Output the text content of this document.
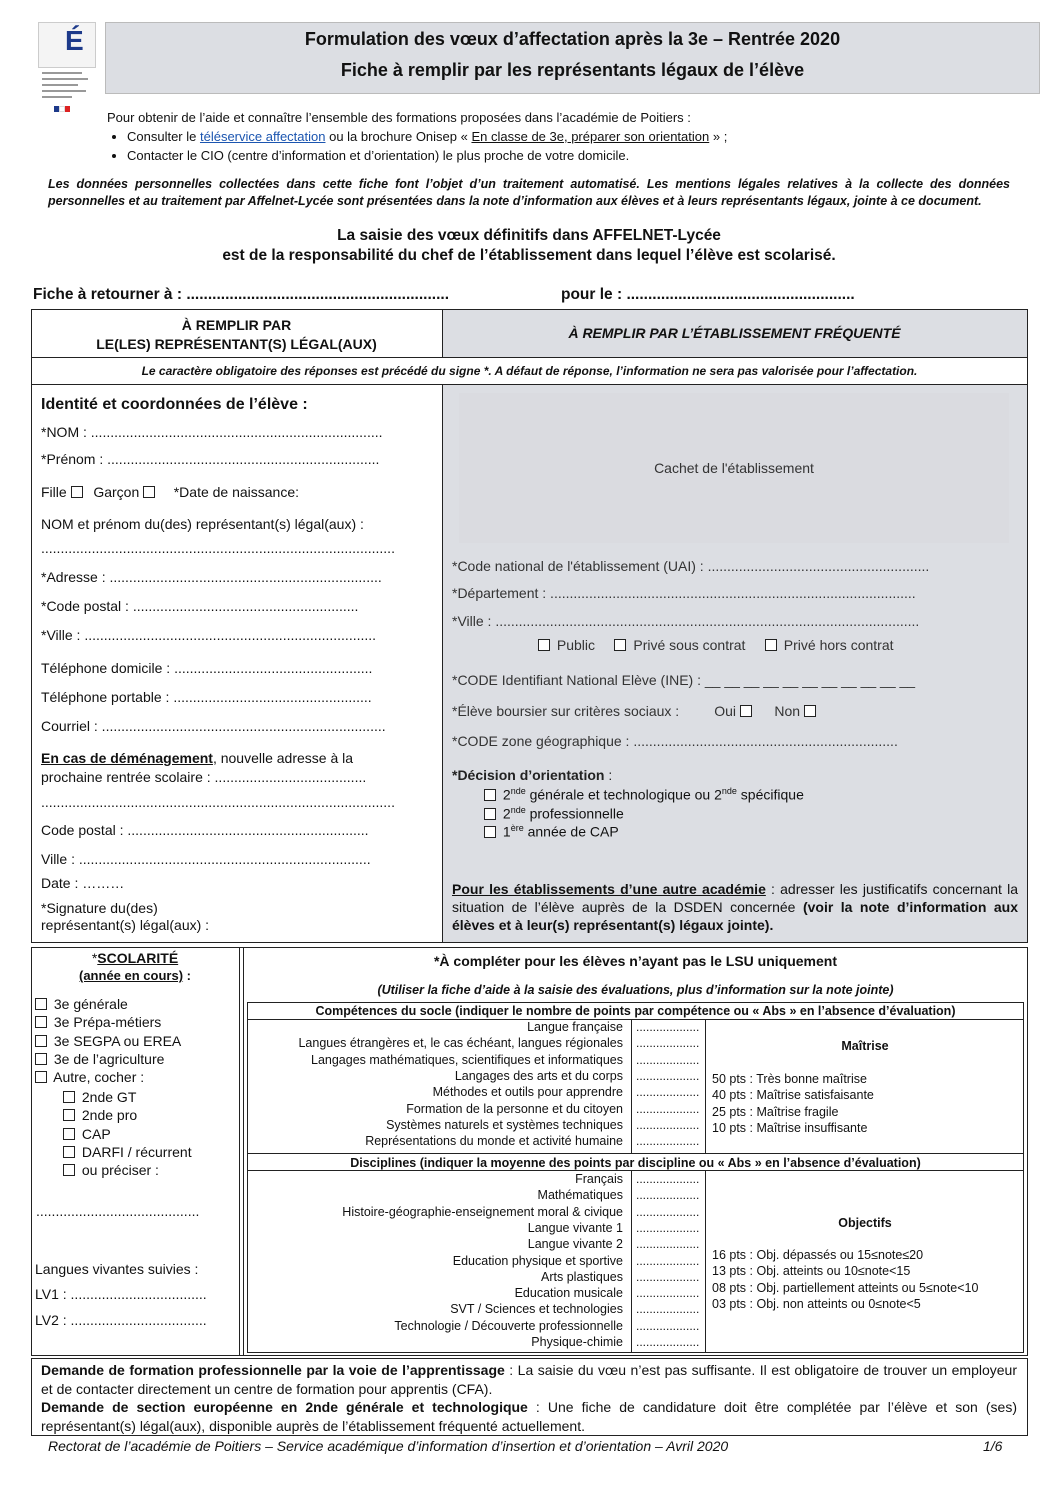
É	Formulation des vœux d’affectation après la 3e – Rentrée 2020
Fiche à remplir par les représentants légaux de l’élève
Pour obtenir de l’aide et connaître l’ensemble des formations proposées dans l’académie de Poitiers :
• Consulter le téléservice affectation ou la brochure Onisep « En classe de 3e, préparer son orientation » ;
• Contacter le CIO (centre d’information et d’orientation) le plus proche de votre domicile.
Les données personnelles collectées dans cette fiche font l’objet d’un traitement automatisé. Les mentions légales relatives à la collecte des données personnelles et au traitement par Affelnet-Lycée sont présentées dans la note d’information aux élèves et à leurs représentants légaux, jointe à ce document.
La saisie des vœux définitifs dans AFFELNET-Lycée
est de la responsabilité du chef de l’établissement dans lequel l’élève est scolarisé.
Fiche à retourner à : .............................................................	pour le : .....................................................
À REMPLIR PAR
LE(LES) REPRÉSENTANT(S) LÉGAL(AUX)
À REMPLIR PAR L’ÉTABLISSEMENT FRÉQUENTÉ
Le caractère obligatoire des réponses est précédé du signe *. A défaut de réponse, l’information ne sera pas valorisée pour l’affectation.
Identité et coordonnées de l’élève :
*NOM : ...........................................................................
*Prénom : ......................................................................
Fille Garçon *Date de naissance:
NOM et prénom du(des) représentant(s) légal(aux) :
...........................................................................................
*Adresse : ......................................................................
*Code postal : ..........................................................
*Ville : ...........................................................................
Téléphone domicile : ...................................................
Téléphone portable : ...................................................
Courriel : .........................................................................
En cas de déménagement, nouvelle adresse à la
prochaine rentrée scolaire : .......................................
...........................................................................................
Code postal : ..............................................................
Ville : ...........................................................................
Date : ………
*Signature du(des)
représentant(s) légal(aux) :
Cachet de l'établissement
*Code national de l'établissement (UAI) : .........................................................
*Département : ..............................................................................................
*Ville : .............................................................................................................
Public	Privé sous contrat	Privé hors contrat
*CODE Identifiant National Elève (INE) : __ __ __ __ __ __ __ __ __ __ __
*Élève boursier sur critères sociaux :	Oui	Non
*CODE zone géographique : ....................................................................
*Décision d’orientation :
2nde générale et technologique ou 2nde spécifique
2nde professionnelle
1ère année de CAP
Pour les établissements d’une autre académie : adresser les justificatifs concernant la situation de l’élève auprès de la DSDEN concernée (voir la note d’information aux élèves et à leur(s) représentant(s) légaux jointe).
*SCOLARITÉ
(année en cours) :
3e générale
3e Prépa-métiers
3e SEGPA ou EREA
3e de l’agriculture
Autre, cocher :
2nde GT
2nde pro
CAP
DARFI / récurrent
ou préciser :
..........................................
Langues vivantes suivies :
LV1 : ...................................
LV2 : ...................................
*À compléter pour les élèves n’ayant pas le LSU uniquement
(Utiliser la fiche d’aide à la saisie des évaluations, plus d’information sur la note jointe)
Compétences du socle (indiquer le nombre de points par compétence ou « Abs » en l’absence d’évaluation)
Disciplines (indiquer la moyenne des points par discipline ou « Abs » en l’absence d’évaluation)
Langue française ...................
Langues étrangères et, le cas échéant, langues régionales ...................
Langages mathématiques, scientifiques et informatiques ...................
Langages des arts et du corps ...................
Méthodes et outils pour apprendre ...................
Formation de la personne et du citoyen ...................
Systèmes naturels et systèmes techniques ...................
Représentations du monde et activité humaine ...................
Français ...................
Mathématiques ...................
Histoire-géographie-enseignement moral & civique ...................
Langue vivante 1 ...................
Langue vivante 2 ...................
Education physique et sportive ...................
Arts plastiques ...................
Education musicale ...................
SVT / Sciences et technologies ...................
Technologie / Découverte professionnelle ...................
Physique-chimie ...................
Maîtrise
50 pts : Très bonne maîtrise
40 pts : Maîtrise satisfaisante
25 pts : Maîtrise fragile
10 pts : Maîtrise insuffisante
Objectifs
16 pts : Obj. dépassés ou 15≤note≤20
13 pts : Obj. atteints ou 10≤note<15
08 pts : Obj. partiellement atteints ou 5≤note<10
03 pts : Obj. non atteints ou 0≤note<5
Demande de formation professionnelle par la voie de l’apprentissage : La saisie du vœu n’est pas suffisante. Il est obligatoire de trouver un employeur et de contacter directement un centre de formation pour apprentis (CFA).
Demande de section européenne en 2nde générale et technologique : Une fiche de candidature doit être complétée par l’élève et son (ses) représentant(s) légal(aux), disponible auprès de l’établissement fréquenté actuellement.
Rectorat de l’académie de Poitiers – Service académique d’information d’insertion et d’orientation – Avril 2020	1/6
